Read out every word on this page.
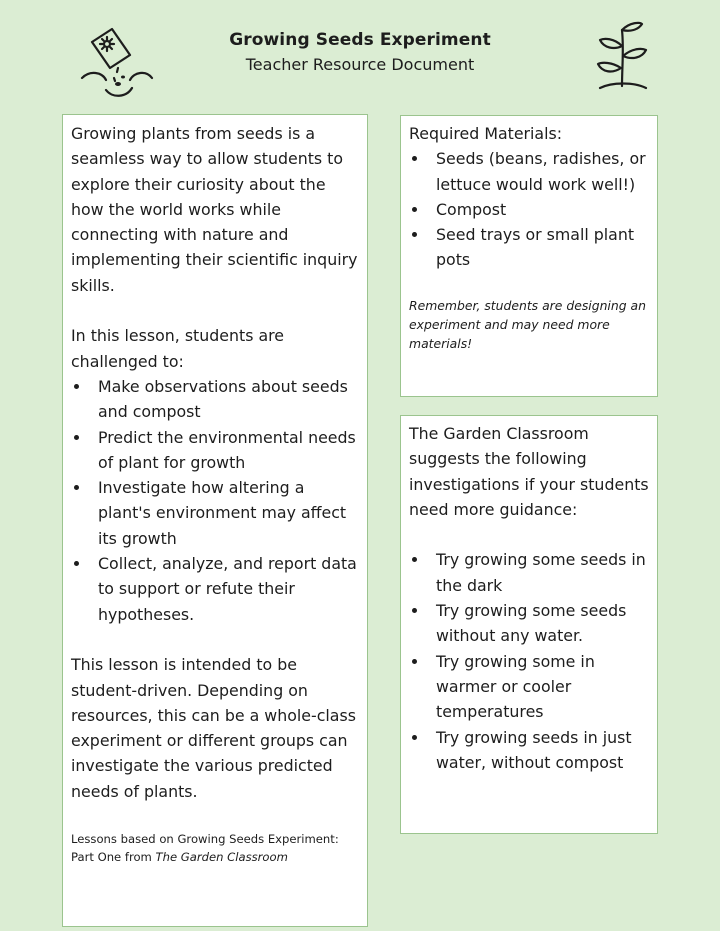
Growing Seeds Experiment
Teacher Resource Document

Growing plants from seeds is a seamless way to allow students to explore their curiosity about the how the world works while connecting with nature and implementing their scientific inquiry skills.

In this lesson, students are challenged to:

Make observations about seeds and compost
Predict the environmental needs of plant for growth
Investigate how altering a plant's environment may affect its growth
Collect, analyze, and report data to support or refute their hypotheses.

This lesson is intended to be student-driven. Depending on resources, this can be a whole-class experiment or different groups can investigate the various predicted needs of plants.

Lessons based on Growing Seeds Experiment: Part One from The Garden Classroom

Required Materials:

Seeds (beans, radishes, or lettuce would work well!)
Compost
Seed trays or small plant pots

Remember, students are designing an experiment and may need more materials!

The Garden Classroom suggests the following investigations if your students need more guidance:

Try growing some seeds in the dark
Try growing some seeds without any water.
Try growing some in warmer or cooler temperatures
Try growing seeds in just water, without compost
